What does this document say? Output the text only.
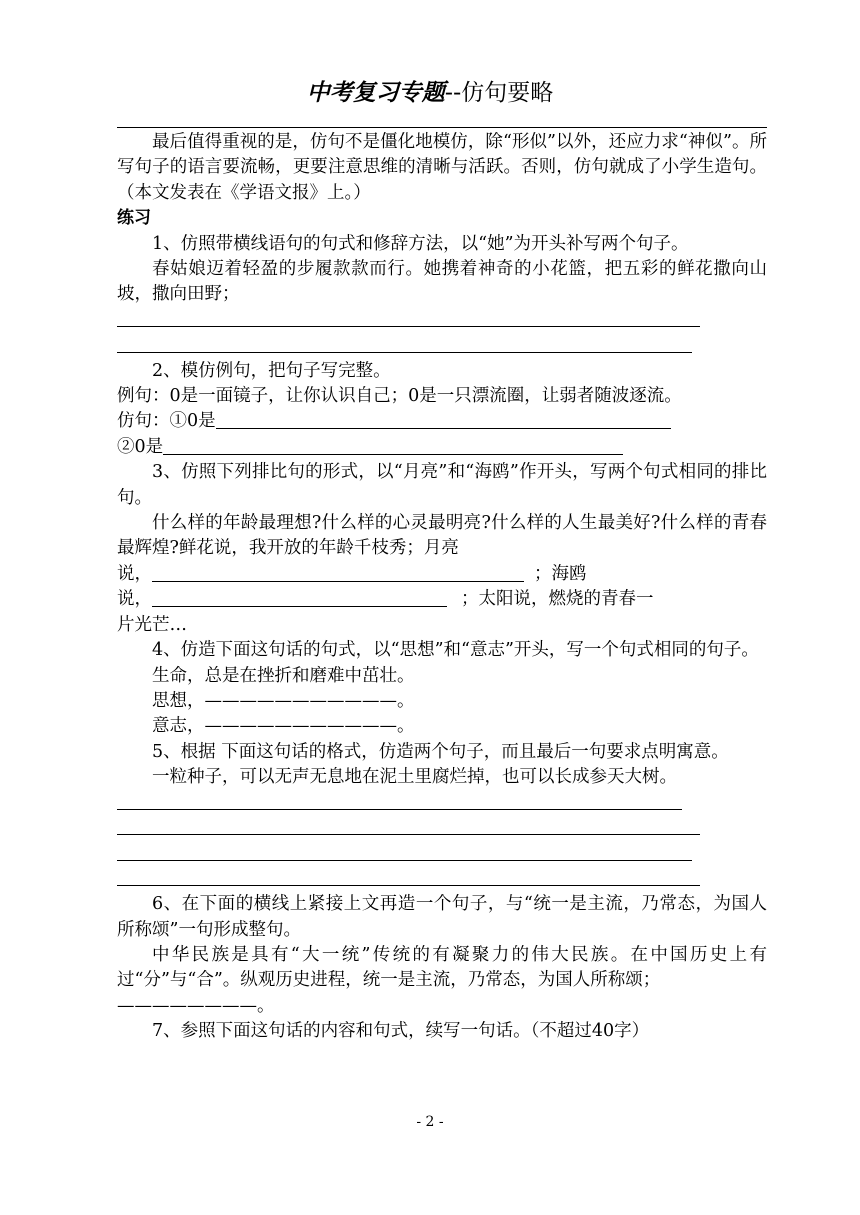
中考复习专题--仿句要略

最后值得重视的是，仿句不是僵化地模仿，除“形似”以外，还应力求“神似”。所写句子的语言要流畅，更要注意思维的清晰与活跃。否则，仿句就成了小学生造句。（本文发表在《学语文报》上。）

练习

1、仿照带横线语句的句式和修辞方法，以“她”为开头补写两个句子。

春姑娘迈着轻盈的步履款款而行。她携着神奇的小花篮，把五彩的鲜花撒向山坡，撒向田野；

2、模仿例句，把句子写完整。

例句：0是一面镜子，让你认识自己；0是一只漂流圈，让弱者随波逐流。

仿句：①0是

②0是

3、仿照下列排比句的形式，以“月亮”和“海鸥”作开头，写两个句式相同的排比句。

什么样的年龄最理想?什么样的心灵最明亮?什么样的人生最美好?什么样的青春最辉煌?鲜花说，我开放的年龄千枝秀；月亮

说，	；海鸥

说，	；太阳说，燃烧的青春一

片光芒…

4、仿造下面这句话的句式，以“思想”和“意志”开头，写一个句式相同的句子。

生命，总是在挫折和磨难中茁壮。

思想，———————————。

意志，———————————。

5、根据 下面这句话的格式，仿造两个句子，而且最后一句要求点明寓意。

一粒种子，可以无声无息地在泥土里腐烂掉，也可以长成参天大树。

6、在下面的横线上紧接上文再造一个句子，与“统一是主流，乃常态，为国人所称颂”一句形成整句。

中华民族是具有“大一统”传统的有凝聚力的伟大民族。在中国历史上有过“分”与“合”。纵观历史进程，统一是主流，乃常态，为国人所称颂；

————————。

7、参照下面这句话的内容和句式，续写一句话。（不超过40字）

- 2 -
